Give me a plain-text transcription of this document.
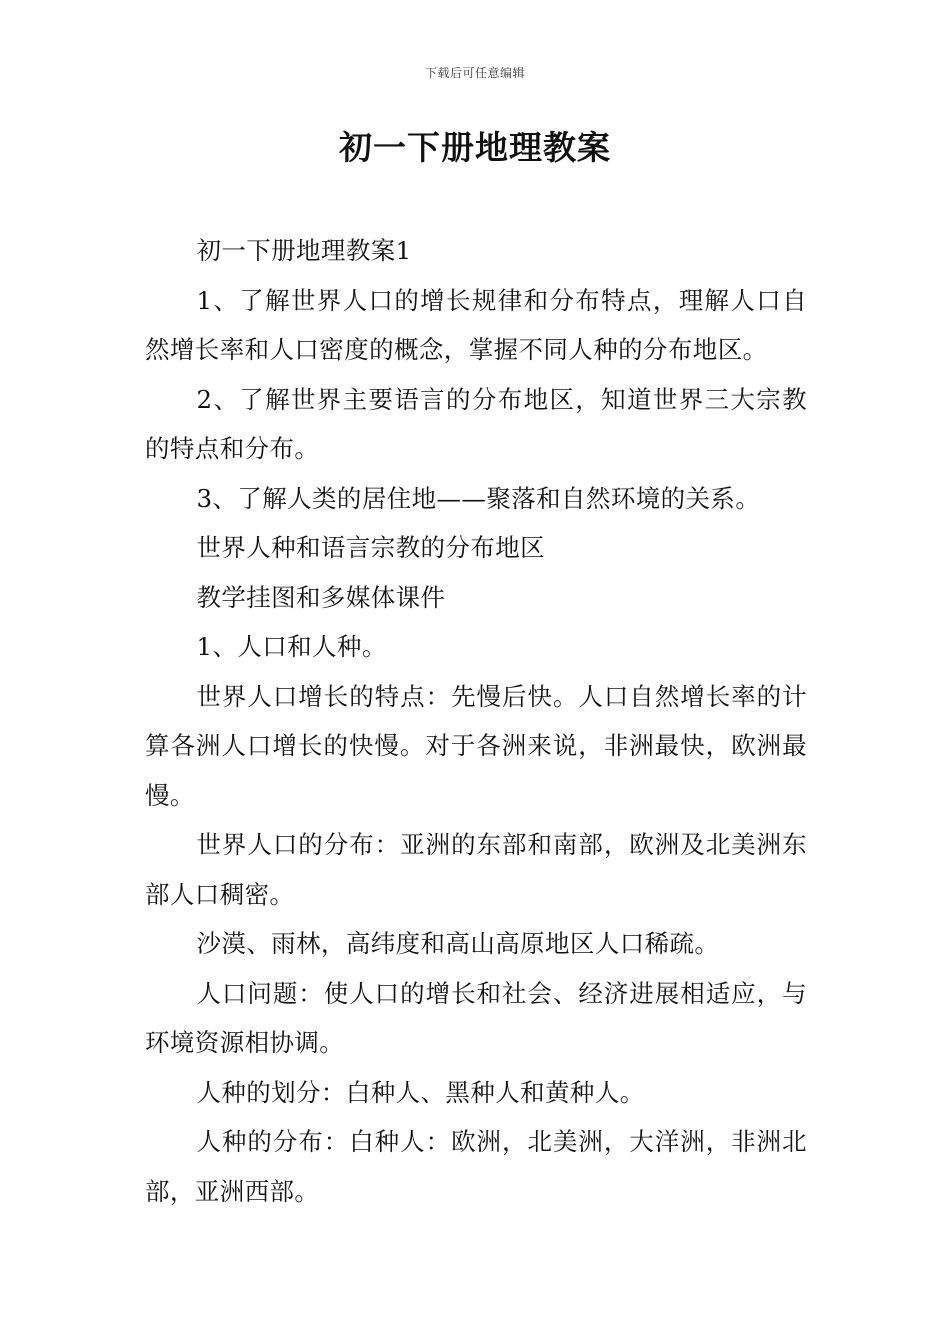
下载后可任意编辑
初一下册地理教案

初一下册地理教案1

1、了解世界人口的增长规律和分布特点，理解人口自然增长率和人口密度的概念，掌握不同人种的分布地区。

2、了解世界主要语言的分布地区，知道世界三大宗教的特点和分布。

3、了解人类的居住地——聚落和自然环境的关系。

世界人种和语言宗教的分布地区

教学挂图和多媒体课件

1、人口和人种。

世界人口增长的特点：先慢后快。人口自然增长率的计算各洲人口增长的快慢。对于各洲来说，非洲最快，欧洲最慢。

世界人口的分布：亚洲的东部和南部，欧洲及北美洲东部人口稠密。

沙漠、雨林，高纬度和高山高原地区人口稀疏。

人口问题：使人口的增长和社会、经济进展相适应，与环境资源相协调。

人种的划分：白种人、黑种人和黄种人。

人种的分布：白种人：欧洲，北美洲，大洋洲，非洲北部，亚洲西部。
